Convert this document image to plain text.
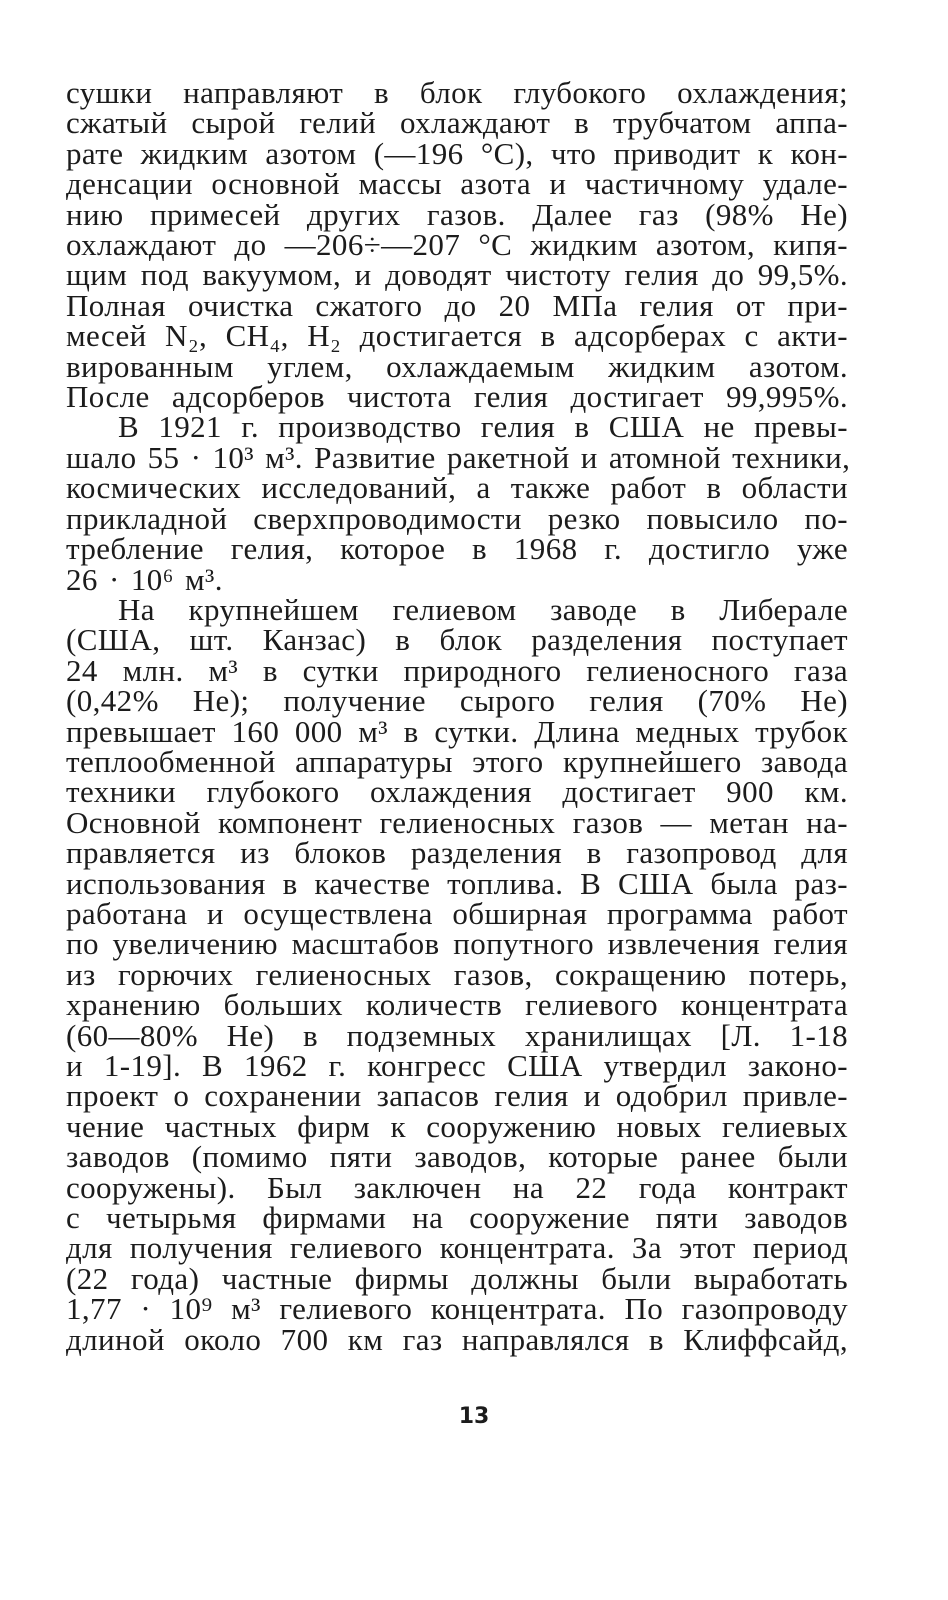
сушки направляют в блок глубокого охлаждения;
сжатый сырой гелий охлаждают в трубчатом аппа-
рате жидким азотом (—196 °С), что приводит к кон-
денсации основной массы азота и частичному удале-
нию примесей других газов. Далее газ (98% He)
охлаждают до —206÷—207 °С жидким азотом, кипя-
щим под вакуумом, и доводят чистоту гелия до 99,5%.
Полная очистка сжатого до 20 МПа гелия от при-
месей N₂, CH₄, H₂ достигается в адсорберах с акти-
вированным углем, охлаждаемым жидким азотом.
После адсорберов чистота гелия достигает 99,995%.
В 1921 г. производство гелия в США не превы-
шало 55 · 10³ м³. Развитие ракетной и атомной техники,
космических исследований, а также работ в области
прикладной сверхпроводимости резко повысило по-
требление гелия, которое в 1968 г. достигло уже
26 · 10⁶ м³.
На крупнейшем гелиевом заводе в Либерале
(США, шт. Канзас) в блок разделения поступает
24 млн. м³ в сутки природного гелиеносного газа
(0,42% He); получение сырого гелия (70% He)
превышает 160 000 м³ в сутки. Длина медных трубок
теплообменной аппаратуры этого крупнейшего завода
техники глубокого охлаждения достигает 900 км.
Основной компонент гелиеносных газов — метан на-
правляется из блоков разделения в газопровод для
использования в качестве топлива. В США была раз-
работана и осуществлена обширная программа работ
по увеличению масштабов попутного извлечения гелия
из горючих гелиеносных газов, сокращению потерь,
хранению больших количеств гелиевого концентрата
(60—80% He) в подземных хранилищах [Л. 1-18
и 1-19]. В 1962 г. конгресс США утвердил законо-
проект о сохранении запасов гелия и одобрил привле-
чение частных фирм к сооружению новых гелиевых
заводов (помимо пяти заводов, которые ранее были
сооружены). Был заключен на 22 года контракт
с четырьмя фирмами на сооружение пяти заводов
для получения гелиевого концентрата. За этот период
(22 года) частные фирмы должны были выработать
1,77 · 10⁹ м³ гелиевого концентрата. По газопроводу
длиной около 700 км газ направлялся в Клиффсайд,
13
